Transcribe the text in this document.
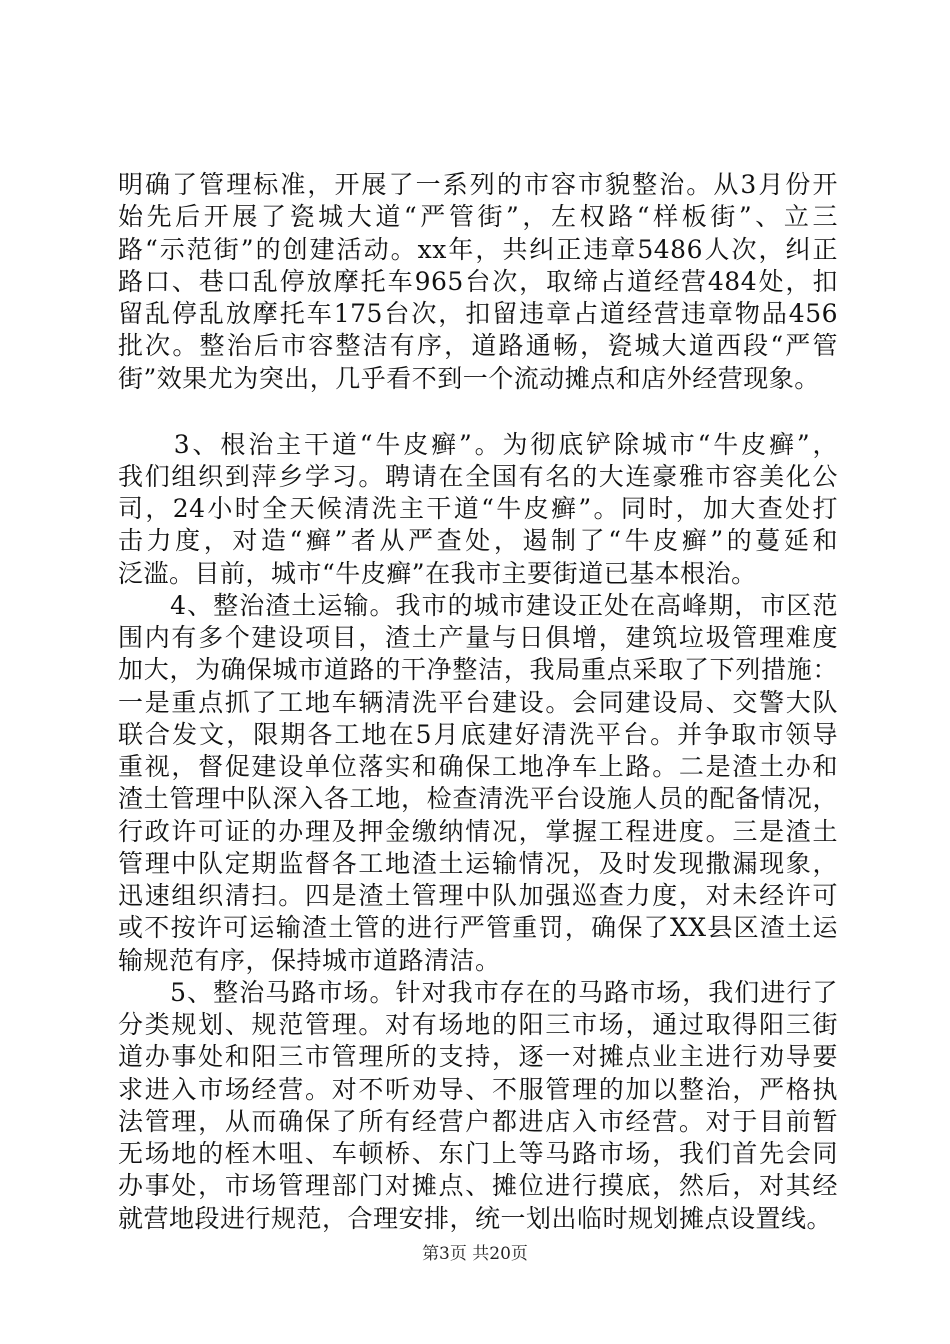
明确了管理标准，开展了一系列的市容市貌整治。从3月份开
始先后开展了瓷城大道“严管街”，左权路“样板街”、立三
路“示范街”的创建活动。xx年，共纠正违章5486人次，纠正
路口、巷口乱停放摩托车965台次，取缔占道经营484处，扣
留乱停乱放摩托车175台次，扣留违章占道经营违章物品456
批次。整治后市容整洁有序，道路通畅，瓷城大道西段“严管
街”效果尤为突出，几乎看不到一个流动摊点和店外经营现象。
　　3、根治主干道“牛皮癣”。为彻底铲除城市“牛皮癣”，
我们组织到萍乡学习。聘请在全国有名的大连豪雅市容美化公
司，24小时全天候清洗主干道“牛皮癣”。同时，加大查处打
击力度，对造“癣”者从严查处，遏制了“牛皮癣”的蔓延和
泛滥。目前，城市“牛皮癣”在我市主要街道已基本根治。
　　4、整治渣土运输。我市的城市建设正处在高峰期，市区范
围内有多个建设项目，渣土产量与日俱增，建筑垃圾管理难度
加大，为确保城市道路的干净整洁，我局重点采取了下列措施：
一是重点抓了工地车辆清洗平台建设。会同建设局、交警大队
联合发文，限期各工地在5月底建好清洗平台。并争取市领导
重视，督促建设单位落实和确保工地净车上路。二是渣土办和
渣土管理中队深入各工地，检查清洗平台设施人员的配备情况，
行政许可证的办理及押金缴纳情况，掌握工程进度。三是渣土
管理中队定期监督各工地渣土运输情况，及时发现撒漏现象，
迅速组织清扫。四是渣土管理中队加强巡查力度，对未经许可
或不按许可运输渣土管的进行严管重罚，确保了XX县区渣土运
输规范有序，保持城市道路清洁。
　　5、整治马路市场。针对我市存在的马路市场，我们进行了
分类规划、规范管理。对有场地的阳三市场，通过取得阳三街
道办事处和阳三市管理所的支持，逐一对摊点业主进行劝导要
求进入市场经营。对不听劝导、不服管理的加以整治，严格执
法管理，从而确保了所有经营户都进店入市经营。对于目前暂
无场地的桎木咀、车顿桥、东门上等马路市场，我们首先会同
办事处，市场管理部门对摊点、摊位进行摸底，然后，对其经
就营地段进行规范，合理安排，统一划出临时规划摊点设置线。
第3页 共20页
